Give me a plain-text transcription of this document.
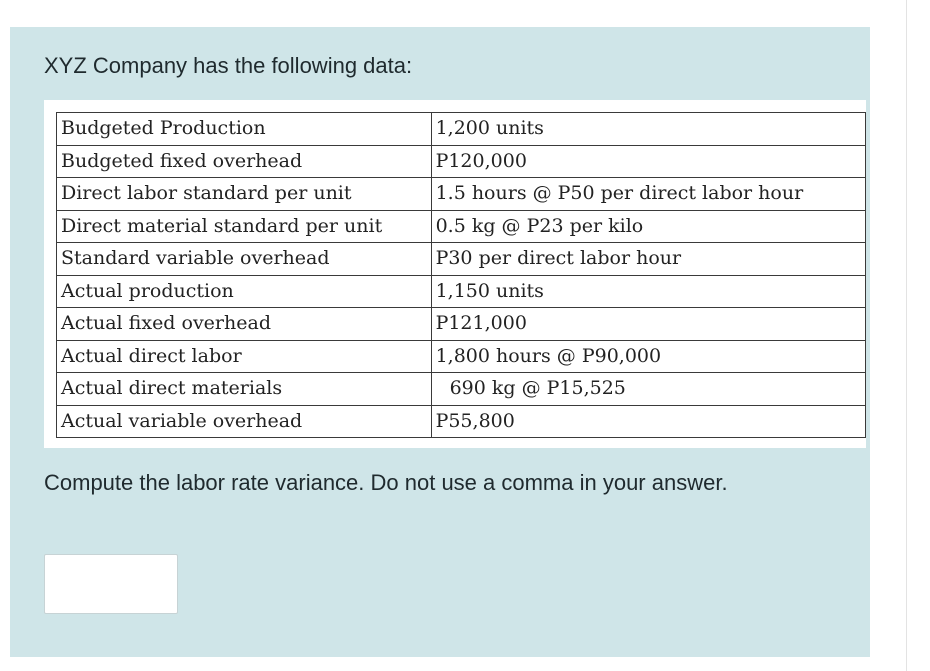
XYZ Company has the following data:

Budgeted Production	1,200 units
Budgeted fixed overhead	P120,000
Direct labor standard per unit	1.5 hours @ P50 per direct labor hour
Direct material standard per unit	0.5 kg @ P23 per kilo
Standard variable overhead	P30 per direct labor hour
Actual production	1,150 units
Actual fixed overhead	P121,000
Actual direct labor	1,800 hours @ P90,000
Actual direct materials	690 kg @ P15,525
Actual variable overhead	P55,800

Compute the labor rate variance. Do not use a comma in your answer.
